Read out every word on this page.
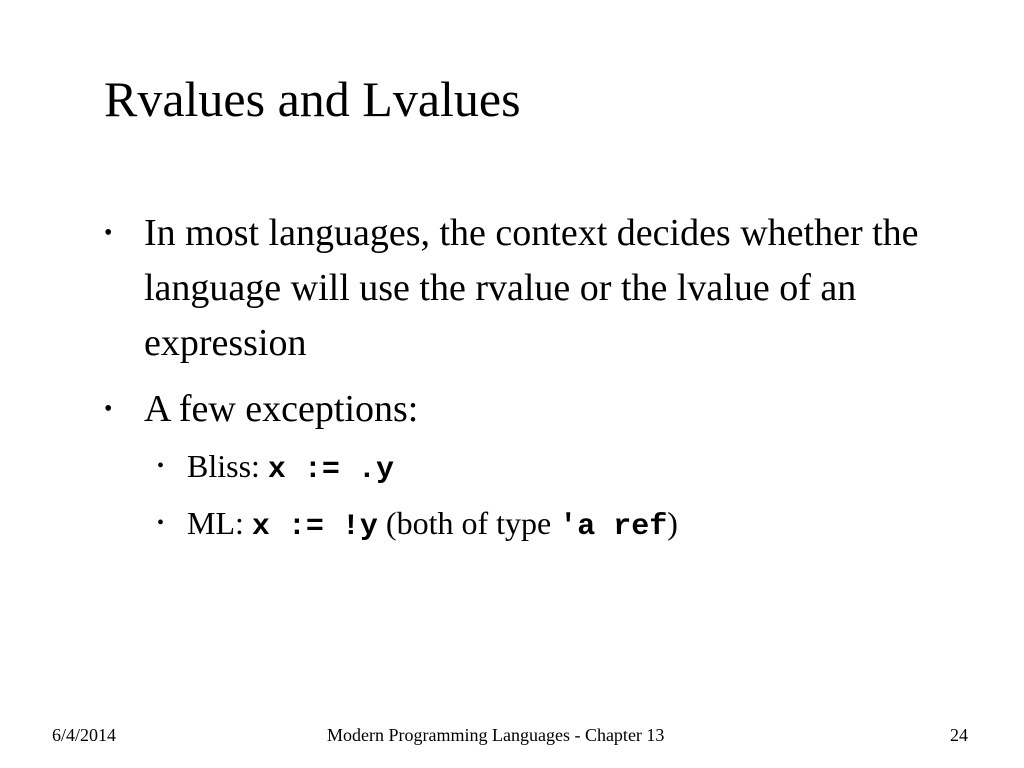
Rvalues and Lvalues
• In most languages, the context decides whether the language will use the rvalue or the lvalue of an expression
• A few exceptions:
• Bliss: x := .y
• ML: x := !y (both of type 'a ref)
6/4/2014	Modern Programming Languages - Chapter 13	24
